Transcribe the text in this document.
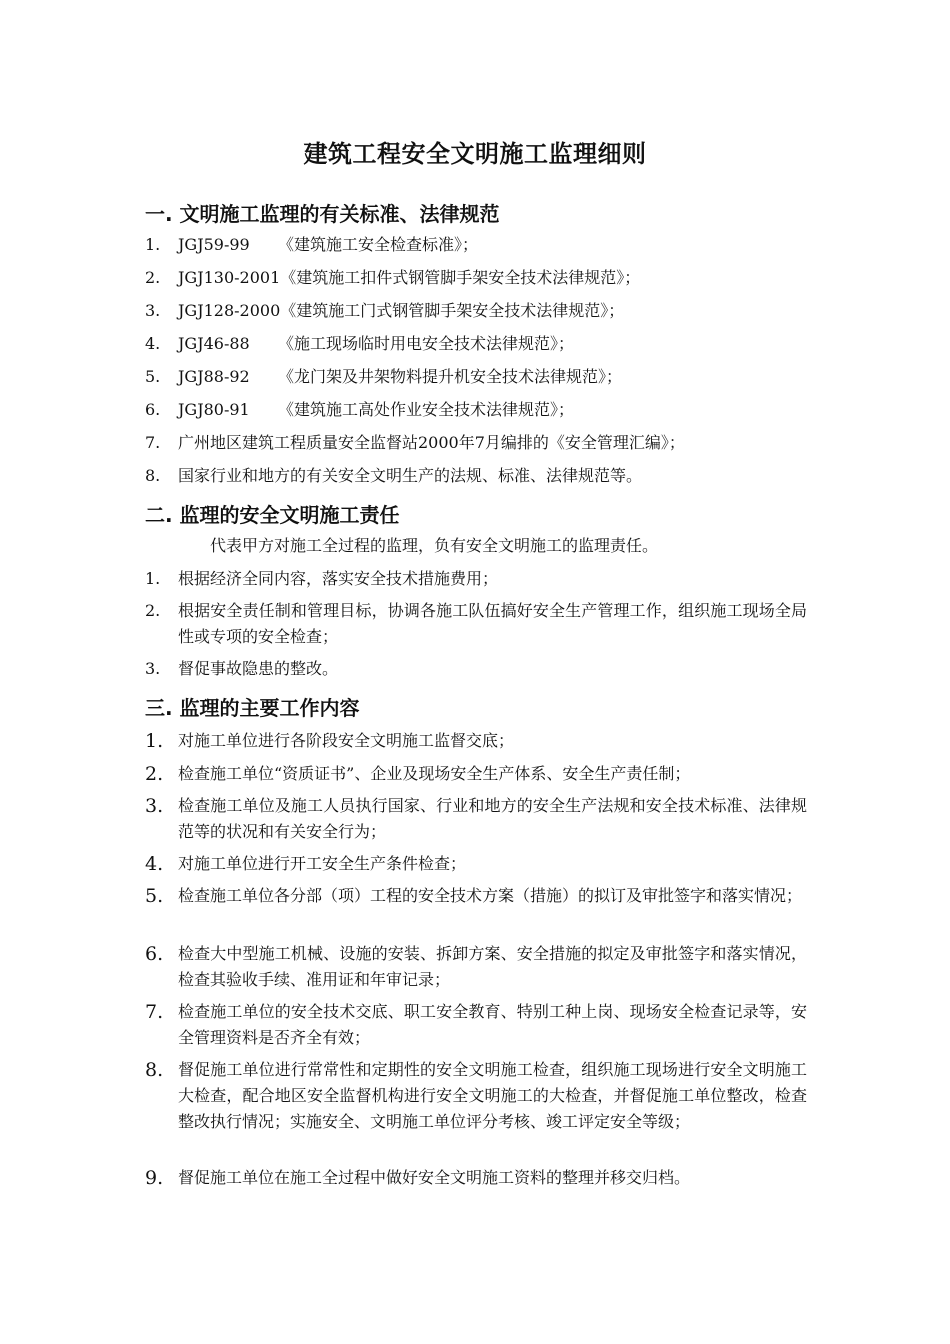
建筑工程安全文明施工监理细则
一. 文明施工监理的有关标准、法律规范
1.	JGJ59-99 《建筑施工安全检查标准》；
2.	JGJ130-2001《建筑施工扣件式钢管脚手架安全技术法律规范》；
3.	JGJ128-2000《建筑施工门式钢管脚手架安全技术法律规范》；
4.	JGJ46-88 《施工现场临时用电安全技术法律规范》；
5.	JGJ88-92 《龙门架及井架物料提升机安全技术法律规范》；
6.	JGJ80-91 《建筑施工高处作业安全技术法律规范》；
7.	广州地区建筑工程质量安全监督站2000年7月编排的《安全管理汇编》；
8.	国家行业和地方的有关安全文明生产的法规、标准、法律规范等。
二. 监理的安全文明施工责任
代表甲方对施工全过程的监理，负有安全文明施工的监理责任。
1.	根据经济全同内容，落实安全技术措施费用；
2.	根据安全责任制和管理目标，协调各施工队伍搞好安全生产管理工作，组织施工现场全局性或专项的安全检查；
3.	督促事故隐患的整改。
三. 监理的主要工作内容
1. 对施工单位进行各阶段安全文明施工监督交底；
2. 检查施工单位“资质证书”、企业及现场安全生产体系、安全生产责任制；
3. 检查施工单位及施工人员执行国家、行业和地方的安全生产法规和安全技术标准、法律规范等的状况和有关安全行为；
4. 对施工单位进行开工安全生产条件检查；
5. 检查施工单位各分部（项）工程的安全技术方案（措施）的拟订及审批签字和落实情况；
6. 检查大中型施工机械、设施的安装、拆卸方案、安全措施的拟定及审批签字和落实情况，检查其验收手续、准用证和年审记录；
7. 检查施工单位的安全技术交底、职工安全教育、特别工种上岗、现场安全检查记录等，安全管理资料是否齐全有效；
8. 督促施工单位进行常常性和定期性的安全文明施工检查，组织施工现场进行安全文明施工大检查，配合地区安全监督机构进行安全文明施工的大检查，并督促施工单位整改，检查整改执行情况；实施安全、文明施工单位评分考核、竣工评定安全等级；
9. 督促施工单位在施工全过程中做好安全文明施工资料的整理并移交归档。
